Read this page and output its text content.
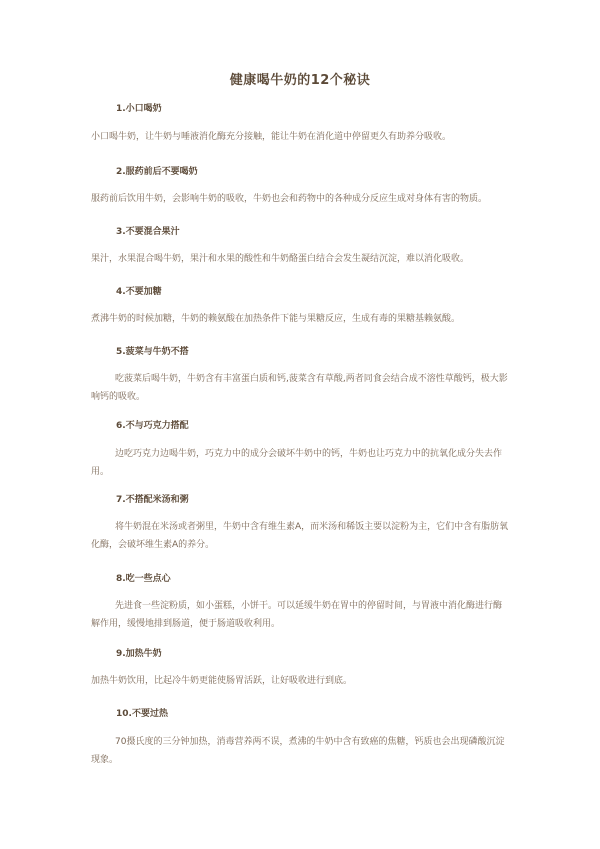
健康喝牛奶的12个秘诀
1.小口喝奶

小口喝牛奶，让牛奶与唾液消化酶充分接触，能让牛奶在消化道中停留更久有助养分吸收。

2.服药前后不要喝奶

服药前后饮用牛奶，会影响牛奶的吸收，牛奶也会和药物中的各种成分反应生成对身体有害的物质。

3.不要混合果汁

果汁，水果混合喝牛奶，果汁和水果的酸性和牛奶酪蛋白结合会发生凝结沉淀，难以消化吸收。

4.不要加糖

煮沸牛奶的时候加糖，牛奶的赖氨酸在加热条件下能与果糖反应，生成有毒的果糖基赖氨酸。

5.菠菜与牛奶不搭

吃菠菜后喝牛奶，牛奶含有丰富蛋白质和钙,菠菜含有草酸,两者同食会结合成不溶性草酸钙，极大影响钙的吸收。

6.不与巧克力搭配

边吃巧克力边喝牛奶，巧克力中的成分会破坏牛奶中的钙，牛奶也让巧克力中的抗氧化成分失去作用。

7.不搭配米汤和粥

将牛奶混在米汤或者粥里，牛奶中含有维生素A，而米汤和稀饭主要以淀粉为主，它们中含有脂肪氧化酶，会破坏维生素A的养分。

8.吃一些点心

先进食一些淀粉质，如小蛋糕，小饼干。可以延缓牛奶在胃中的停留时间，与胃液中消化酶进行酶解作用，缓慢地排到肠道，便于肠道吸收利用。

9.加热牛奶

加热牛奶饮用，比起冷牛奶更能使肠胃活跃，让好吸收进行到底。

10.不要过热

70摄氏度的三分钟加热，消毒营养两不误，煮沸的牛奶中含有致癌的焦糖，钙质也会出现磷酸沉淀现象。
